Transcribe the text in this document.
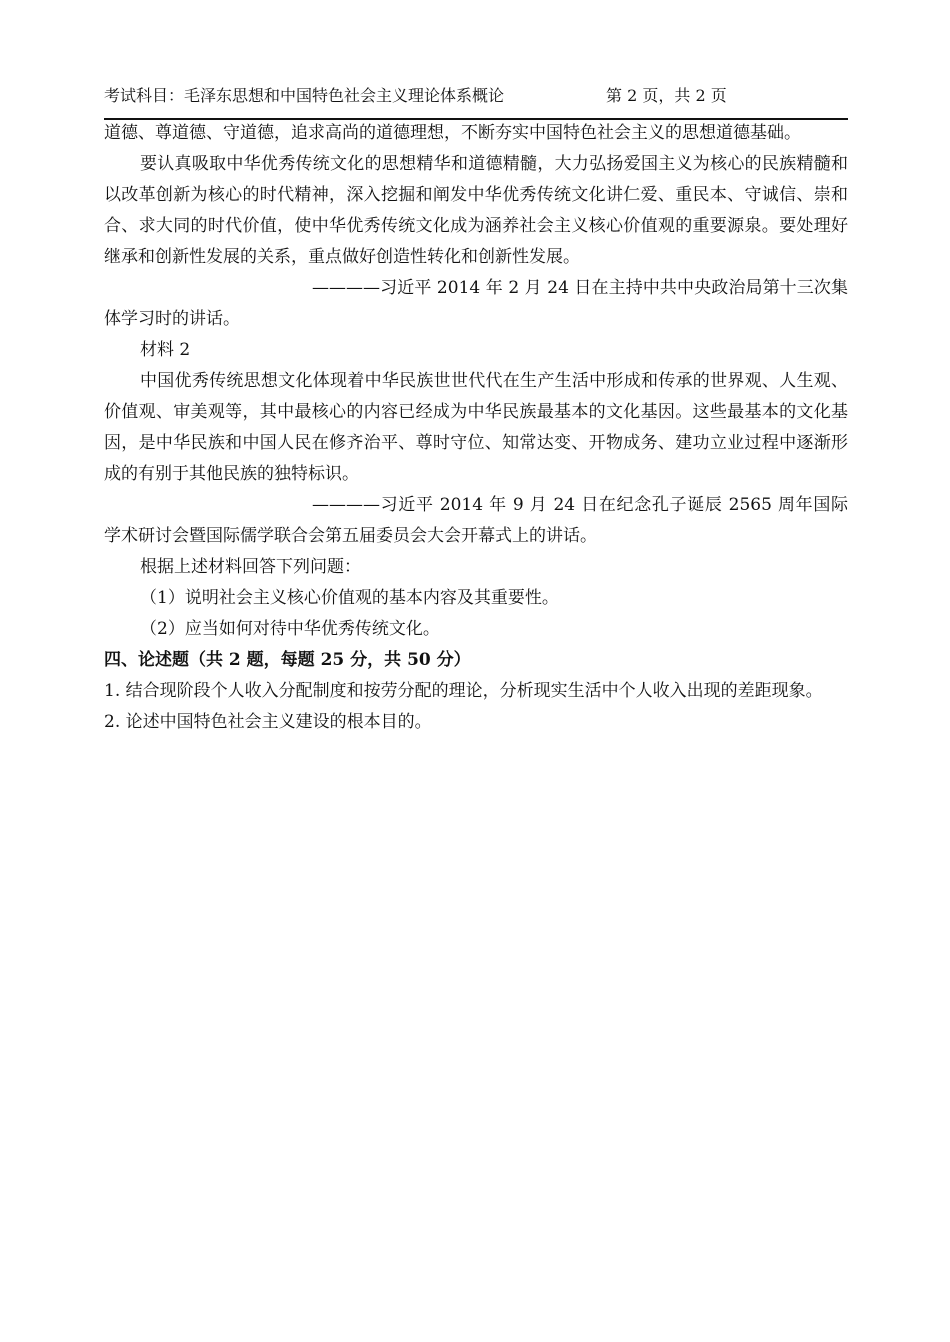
考试科目：毛泽东思想和中国特色社会主义理论体系概论	第 2 页，共 2 页

道德、尊道德、守道德，追求高尚的道德理想，不断夯实中国特色社会主义的思想道德基础。

要认真吸取中华优秀传统文化的思想精华和道德精髓，大力弘扬爱国主义为核心的民族精髓和以改革创新为核心的时代精神，深入挖掘和阐发中华优秀传统文化讲仁爱、重民本、守诚信、崇和合、求大同的时代价值，使中华优秀传统文化成为涵养社会主义核心价值观的重要源泉。要处理好继承和创新性发展的关系，重点做好创造性转化和创新性发展。

————习近平 2014 年 2 月 24 日在主持中共中央政治局第十三次集体学习时的讲话。

材料 2

中国优秀传统思想文化体现着中华民族世世代代在生产生活中形成和传承的世界观、人生观、价值观、审美观等，其中最核心的内容已经成为中华民族最基本的文化基因。这些最基本的文化基因，是中华民族和中国人民在修齐治平、尊时守位、知常达变、开物成务、建功立业过程中逐渐形成的有别于其他民族的独特标识。

————习近平 2014 年 9 月 24 日在纪念孔子诞辰 2565 周年国际学术研讨会暨国际儒学联合会第五届委员会大会开幕式上的讲话。

根据上述材料回答下列问题：

（1）说明社会主义核心价值观的基本内容及其重要性。

（2）应当如何对待中华优秀传统文化。

四、论述题（共 2 题，每题 25 分，共 50 分）

1. 结合现阶段个人收入分配制度和按劳分配的理论，分析现实生活中个人收入出现的差距现象。

2. 论述中国特色社会主义建设的根本目的。
